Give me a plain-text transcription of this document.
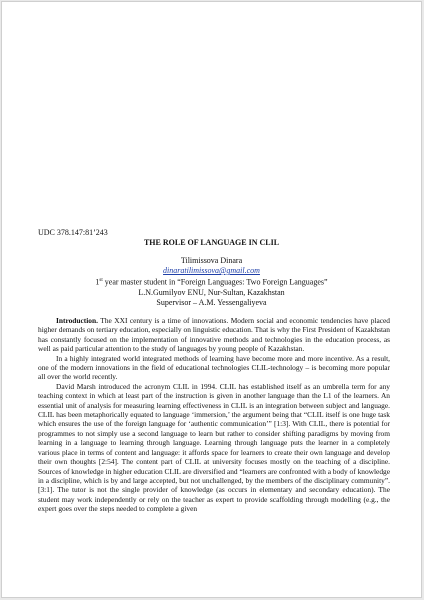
UDC 378.147:81’243
THE ROLE OF LANGUAGE IN CLIL
Tilimissova Dinara
dinaratilimissova@gmail.com
1st year master student in “Foreign Languages: Two Foreign Languages”
L.N.Gumilyov ENU, Nur-Sultan, Kazakhstan
Supervisor – A.M. Yessengaliyeva

Introduction. The XXI century is a time of innovations. Modern social and economic tendencies have placed higher demands on tertiary education, especially on linguistic education. That is why the First President of Kazakhstan has constantly focused on the implementation of innovative methods and technologies in the education process, as well as paid particular attention to the study of languages by young people of Kazakhstan.

In a highly integrated world integrated methods of learning have become more and more incentive. As a result, one of the modern innovations in the field of educational technologies CLIL-technology – is becoming more popular all over the world recently.

David Marsh introduced the acronym CLIL in 1994. CLIL has established itself as an umbrella term for any teaching context in which at least part of the instruction is given in another language than the L1 of the learners. An essential unit of analysis for measuring learning effectiveness in CLIL is an integration between subject and language. CLIL has been metaphorically equated to language ‘immersion,’ the argument being that “CLIL itself is one huge task which ensures the use of the foreign language for ‘authentic communication’” [1:3]. With CLIL, there is potential for programmes to not simply use a second language to learn but rather to consider shifting paradigms by moving from learning in a language to learning through language. Learning through language puts the learner in a completely various place in terms of content and language: it affords space for learners to create their own language and develop their own thoughts [2:54]. The content part of CLIL at university focuses mostly on the teaching of a discipline. Sources of knowledge in higher education CLIL are diversified and “learners are confronted with a body of knowledge in a discipline, which is by and large accepted, but not unchallenged, by the members of the disciplinary community”. [3:1]. The tutor is not the single provider of knowledge (as occurs in elementary and secondary education). The student may work independently or rely on the teacher as expert to provide scaffolding through modelling (e.g., the expert goes over the steps needed to complete a given
